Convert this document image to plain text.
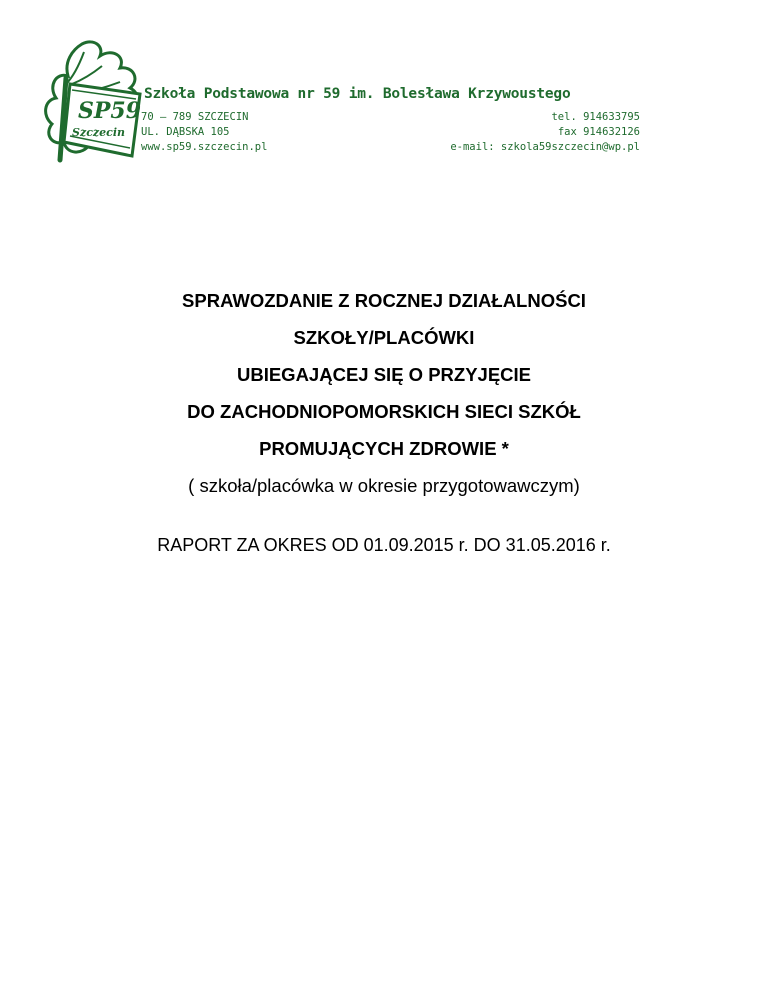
SP59
Szczecin

Szkoła Podstawowa nr 59 im. Bolesława Krzywoustego

70 – 789 SZCZECIN

UL. DĄBSKA 105

www.sp59.szczecin.pl

tel. 914633795

fax 914632126

e-mail: szkola59szczecin@wp.pl

SPRAWOZDANIE Z ROCZNEJ DZIAŁALNOŚCI

SZKOŁY/PLACÓWKI

UBIEGAJĄCEJ SIĘ O PRZYJĘCIE

DO ZACHODNIOPOMORSKICH SIECI SZKÓŁ

PROMUJĄCYCH ZDROWIE *

( szkoła/placówka w okresie przygotowawczym)

RAPORT ZA OKRES OD 01.09.2015 r. DO 31.05.2016 r.
